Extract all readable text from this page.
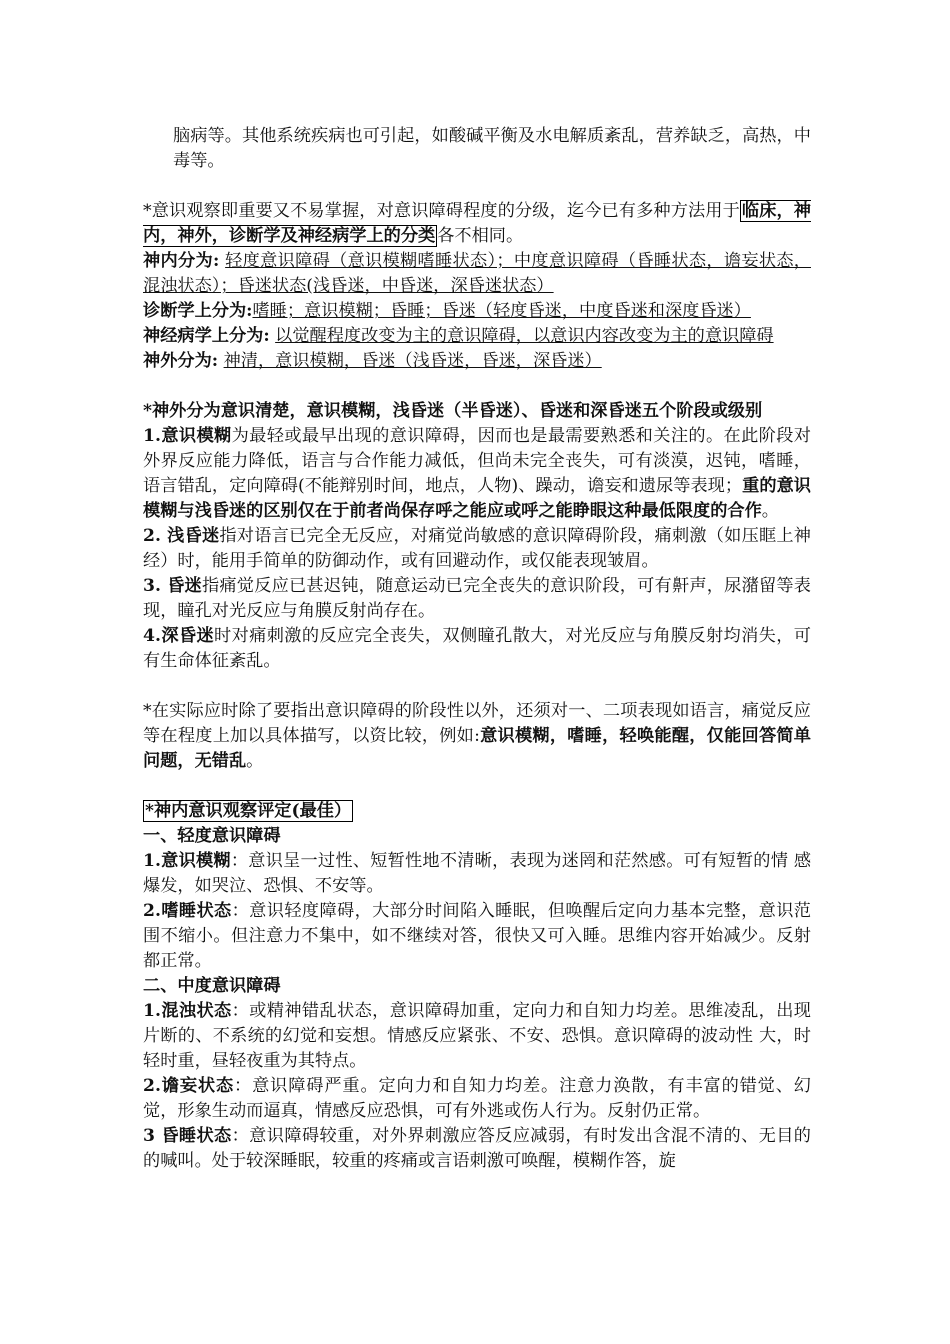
脑病等。其他系统疾病也可引起，如酸碱平衡及水电解质紊乱，营养缺乏，高热，中毒等。

*意识观察即重要又不易掌握，对意识障碍程度的分级，迄今已有多种方法用于 临床，神内，神外，诊断学及神经病学上的分类 各不相同。

神内分为: 轻度意识障碍（意识模糊嗜睡状态）；中度意识障碍（昏睡状态，谵妄状态，混浊状态）；昏迷状态(浅昏迷，中昏迷，深昏迷状态）

诊断学上分为:嗜睡；意识模糊；昏睡；昏迷（轻度昏迷，中度昏迷和深度昏迷）

神经病学上分为: 以觉醒程度改变为主的意识障碍，以意识内容改变为主的意识障碍

神外分为: 神清，意识模糊，昏迷（浅昏迷，昏迷，深昏迷）

*神外分为意识清楚，意识模糊，浅昏迷（半昏迷）、昏迷和深昏迷五个阶段或级别

1.意识模糊为最轻或最早出现的意识障碍，因而也是最需要熟悉和关注的。在此阶段对外界反应能力降低，语言与合作能力减低，但尚未完全丧失，可有淡漠，迟钝，嗜睡，语言错乱，定向障碍(不能辩别时间，地点，人物)、躁动，谵妄和遗尿等表现；重的意识模糊与浅昏迷的区别仅在于前者尚保存呼之能应或呼之能睁眼这种最低限度的合作。

2. 浅昏迷指对语言已完全无反应，对痛觉尚敏感的意识障碍阶段，痛刺激（如压眶上神经）时，能用手简单的防御动作，或有回避动作，或仅能表现皱眉。

3. 昏迷指痛觉反应已甚迟钝，随意运动已完全丧失的意识阶段，可有鼾声，尿潴留等表现，瞳孔对光反应与角膜反射尚存在。

4.深昏迷时对痛刺激的反应完全丧失，双侧瞳孔散大，对光反应与角膜反射均消失，可有生命体征紊乱。

*在实际应时除了要指出意识障碍的阶段性以外，还须对一、二项表现如语言，痛觉反应等在程度上加以具体描写，以资比较，例如:意识模糊，嗜睡，轻唤能醒，仅能回答简单问题，无错乱。

*神内意识观察评定(最佳）

一、轻度意识障碍

1.意识模糊：意识呈一过性、短暂性地不清晰，表现为迷罔和茫然感。可有短暂的情 感爆发，如哭泣、恐惧、不安等。

2.嗜睡状态：意识轻度障碍，大部分时间陷入睡眠，但唤醒后定向力基本完整，意识范围不缩小。但注意力不集中，如不继续对答，很快又可入睡。思维内容开始减少。反射都正常。

二、中度意识障碍

1.混浊状态：或精神错乱状态，意识障碍加重，定向力和自知力均差。思维凌乱，出现片断的、不系统的幻觉和妄想。情感反应紧张、不安、恐惧。意识障碍的波动性 大，时轻时重，昼轻夜重为其特点。

2.谵妄状态：意识障碍严重。定向力和自知力均差。注意力涣散，有丰富的错觉、幻觉，形象生动而逼真，情感反应恐惧，可有外逃或伤人行为。反射仍正常。

3 昏睡状态：意识障碍较重，对外界刺激应答反应减弱，有时发出含混不清的、无目的的喊叫。处于较深睡眠，较重的疼痛或言语刺激可唤醒，模糊作答，旋
